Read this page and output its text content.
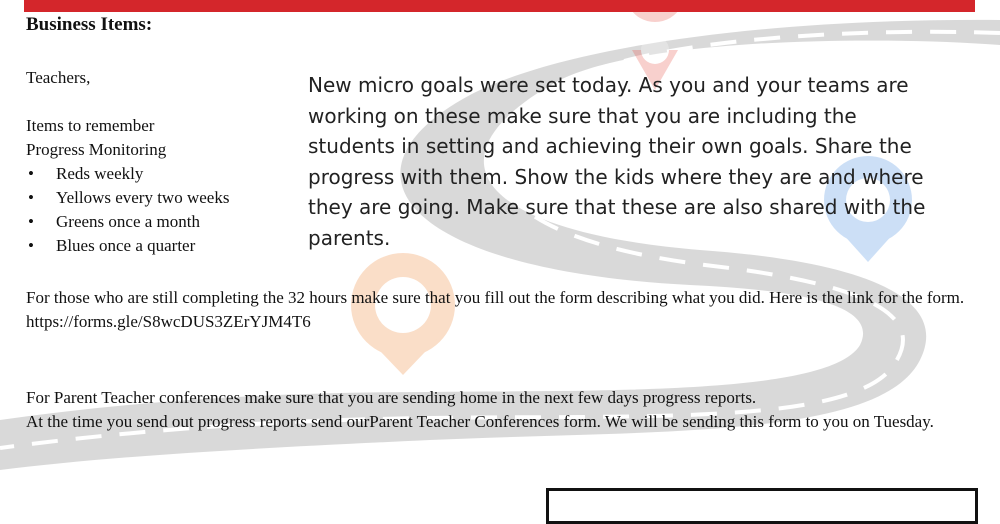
Business Items:
Teachers,
Items to remember
Progress Monitoring
• Reds weekly
• Yellows every two weeks
• Greens once a month
• Blues once a quarter
New micro goals were set today. As you and your teams are working on these make sure that you are including the students in setting and achieving their own goals. Share the progress with them. Show the kids where they are and where they are going. Make sure that these are also shared with the parents.
For those who are still completing the 32 hours make sure that you fill out the form describing what you did. Here is the link for the form. https://forms.gle/S8wcDUS3ZErYJM4T6
For Parent Teacher conferences make sure that you are sending home in the next few days progress reports.
At the time you send out progress reports send ourParent Teacher Conferences form. We will be sending this form to you on Tuesday.
